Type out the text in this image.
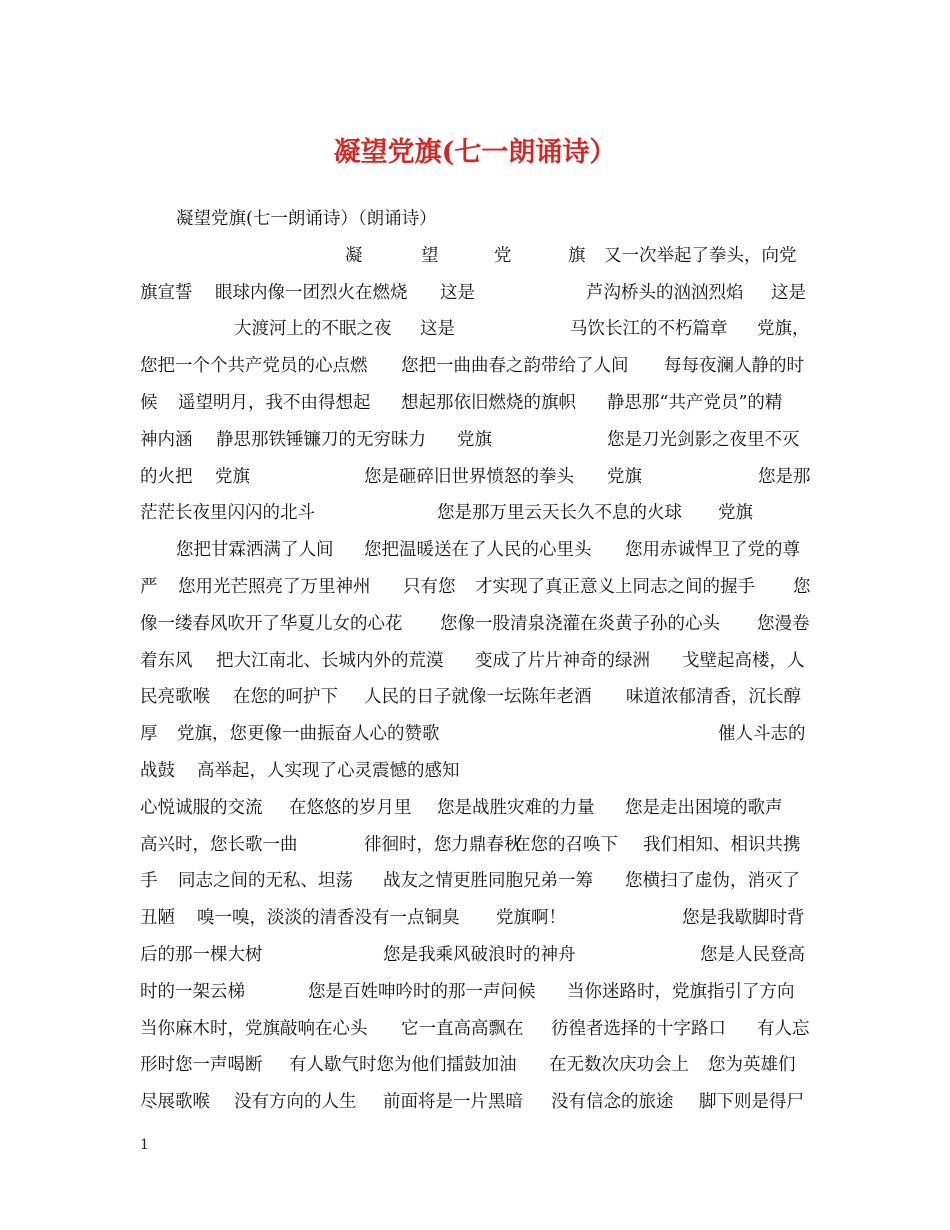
凝望党旗(七一朗诵诗）
凝望党旗(七一朗诵诗）（朗诵诗）
凝	望	党	旗 又一次举起了拳头，向党
旗宣誓 眼球内像一团烈火在燃烧 这是	芦沟桥头的汹汹烈焰 这是
大渡河上的不眠之夜 这是	马饮长江的不朽篇章 党旗，
您把一个个共产党员的心点燃 您把一曲曲春之韵带给了人间 每每夜澜人静的时
候 遥望明月，我不由得想起 想起那依旧燃烧的旗帜 静思那“共产党员”的精
神内涵 静思那铁锤镰刀的无穷昧力 党旗	您是刀光剑影之夜里不灭
的火把 党旗	您是砸碎旧世界愤怒的拳头 党旗	您是那
茫茫长夜里闪闪的北斗	您是那万里云天长久不息的火球 党旗
您把甘霖洒满了人间 您把温暖送在了人民的心里头 您用赤诚悍卫了党的尊
严 您用光芒照亮了万里神州 只有您 才实现了真正意义上同志之间的握手 您
像一缕春风吹开了华夏儿女的心花 您像一股清泉浇灌在炎黄子孙的心头 您漫卷
着东风 把大江南北、长城内外的荒漠 变成了片片神奇的绿洲 戈壁起高楼，人
民亮歌喉 在您的呵护下 人民的日子就像一坛陈年老酒 味道浓郁清香，沉长醇
厚 党旗，您更像一曲振奋人心的赞歌	催人斗志的
战鼓 高举起，人实现了心灵震憾的感知
心悦诚服的交流 在悠悠的岁月里 您是战胜灾难的力量 您是走出困境的歌声
高兴时，您长歌一曲	徘徊时，您力鼎春秋
在您的召唤下 我们相知、相识共携
手 同志之间的无私、坦荡 战友之情更胜同胞兄弟一筹 您横扫了虚伪，消灭了
丑陋 嗅一嗅，淡淡的清香没有一点铜臭 党旗啊！	您是我歇脚时背
后的那一棵大树	您是我乘风破浪时的神舟	您是人民登高
时的一架云梯	您是百姓呻吟时的那一声问候 当你迷路时，党旗指引了方向
当你麻木时，党旗敲响在心头 它一直高高飘在 彷徨者选择的十字路口 有人忘
形时您一声喝断 有人歇气时您为他们擂鼓加油 在无数次庆功会上 您为英雄们
尽展歌喉 没有方向的人生 前面将是一片黑暗 没有信念的旅途 脚下则是得尸
1
